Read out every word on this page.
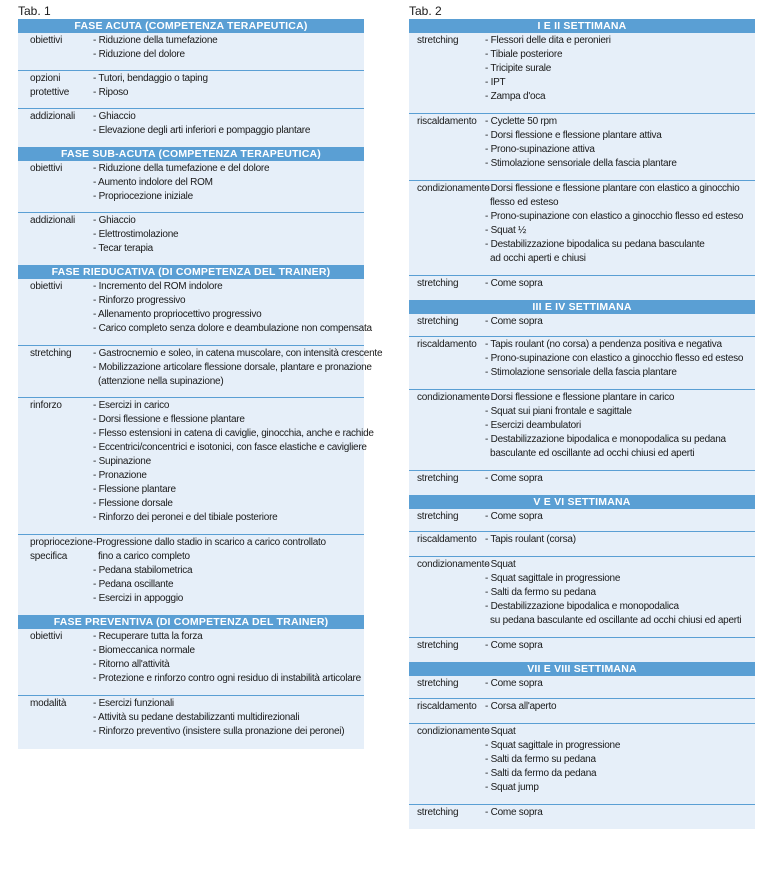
Tab. 1
FASE ACUTA (COMPETENZA TERAPEUTICA)
obiettivi	- Riduzione della tumefazione
- Riduzione del dolore
opzioni
protettive
- Tutori, bendaggio o taping
- Riposo
addizionali	- Ghiaccio
- Elevazione degli arti inferiori e pompaggio plantare
FASE SUB-ACUTA (COMPETENZA TERAPEUTICA)
obiettivi	- Riduzione della tumefazione e del dolore
- Aumento indolore del ROM
- Propriocezione iniziale
addizionali	- Ghiaccio
- Elettrostimolazione
- Tecar terapia
FASE RIEDUCATIVA (DI COMPETENZA DEL TRAINER)
obiettivi	- Incremento del ROM indolore
- Rinforzo progressivo
- Allenamento propriocettivo progressivo
- Carico completo senza dolore e deambulazione non compensata
stretching	- Gastrocnemio e soleo, in catena muscolare, con intensità crescente
- Mobilizzazione articolare flessione dorsale, plantare e pronazione
(attenzione nella supinazione)
rinforzo	- Esercizi in carico
- Dorsi flessione e flessione plantare
- Flesso estensioni in catena di caviglie, ginocchia, anche e rachide
- Eccentrici/concentrici e isotonici, con fasce elastiche e cavigliere
- Supinazione
- Pronazione
- Flessione plantare
- Flessione dorsale
- Rinforzo dei peronei e del tibiale posteriore
propriocezione
specifica
-Progressione dallo stadio in scarico a carico controllato
fino a carico completo
- Pedana stabilometrica
- Pedana oscillante
- Esercizi in appoggio
FASE PREVENTIVA (DI COMPETENZA DEL TRAINER)
obiettivi	- Recuperare tutta la forza
- Biomeccanica normale
- Ritorno all'attività
- Protezione e rinforzo contro ogni residuo di instabilità articolare
modalità	- Esercizi funzionali
- Attività su pedane destabilizzanti multidirezionali
- Rinforzo preventivo (insistere sulla pronazione dei peronei)
Tab. 2
I E II SETTIMANA
stretching	- Flessori delle dita e peronieri
- Tibiale posteriore
- Tricipite surale
- IPT
- Zampa d'oca
riscaldamento - Cyclette 50 rpm
- Dorsi flessione e flessione plantare attiva
- Prono-supinazione attiva
- Stimolazione sensoriale della fascia plantare
condizionamento
- Dorsi flessione e flessione plantare con elastico a ginocchio
flesso ed esteso
- Prono-supinazione con elastico a ginocchio flesso ed esteso
- Squat ½
- Destabilizzazione bipodalica su pedana basculante
ad occhi aperti e chiusi
stretching	- Come sopra
III E IV SETTIMANA
stretching	- Come sopra
riscaldamento - Tapis roulant (no corsa) a pendenza positiva e negativa
- Prono-supinazione con elastico a ginocchio flesso ed esteso
- Stimolazione sensoriale della fascia plantare
condizionamento
- Dorsi flessione e flessione plantare in carico
- Squat sui piani frontale e sagittale
- Esercizi deambulatori
- Destabilizzazione bipodalica e monopodalica su pedana
basculante ed oscillante ad occhi chiusi ed aperti
stretching	- Come sopra
V E VI SETTIMANA
stretching	- Come sopra
riscaldamento - Tapis roulant (corsa)
condizionamento
- Squat
- Squat sagittale in progressione
- Salti da fermo su pedana
- Destabilizzazione bipodalica e monopodalica
su pedana basculante ed oscillante ad occhi chiusi ed aperti
stretching	- Come sopra
VII E VIII SETTIMANA
stretching	- Come sopra
riscaldamento - Corsa all'aperto
condizionamento
- Squat
- Squat sagittale in progressione
- Salti da fermo su pedana
- Salti da fermo da pedana
- Squat jump
stretching	- Come sopra
